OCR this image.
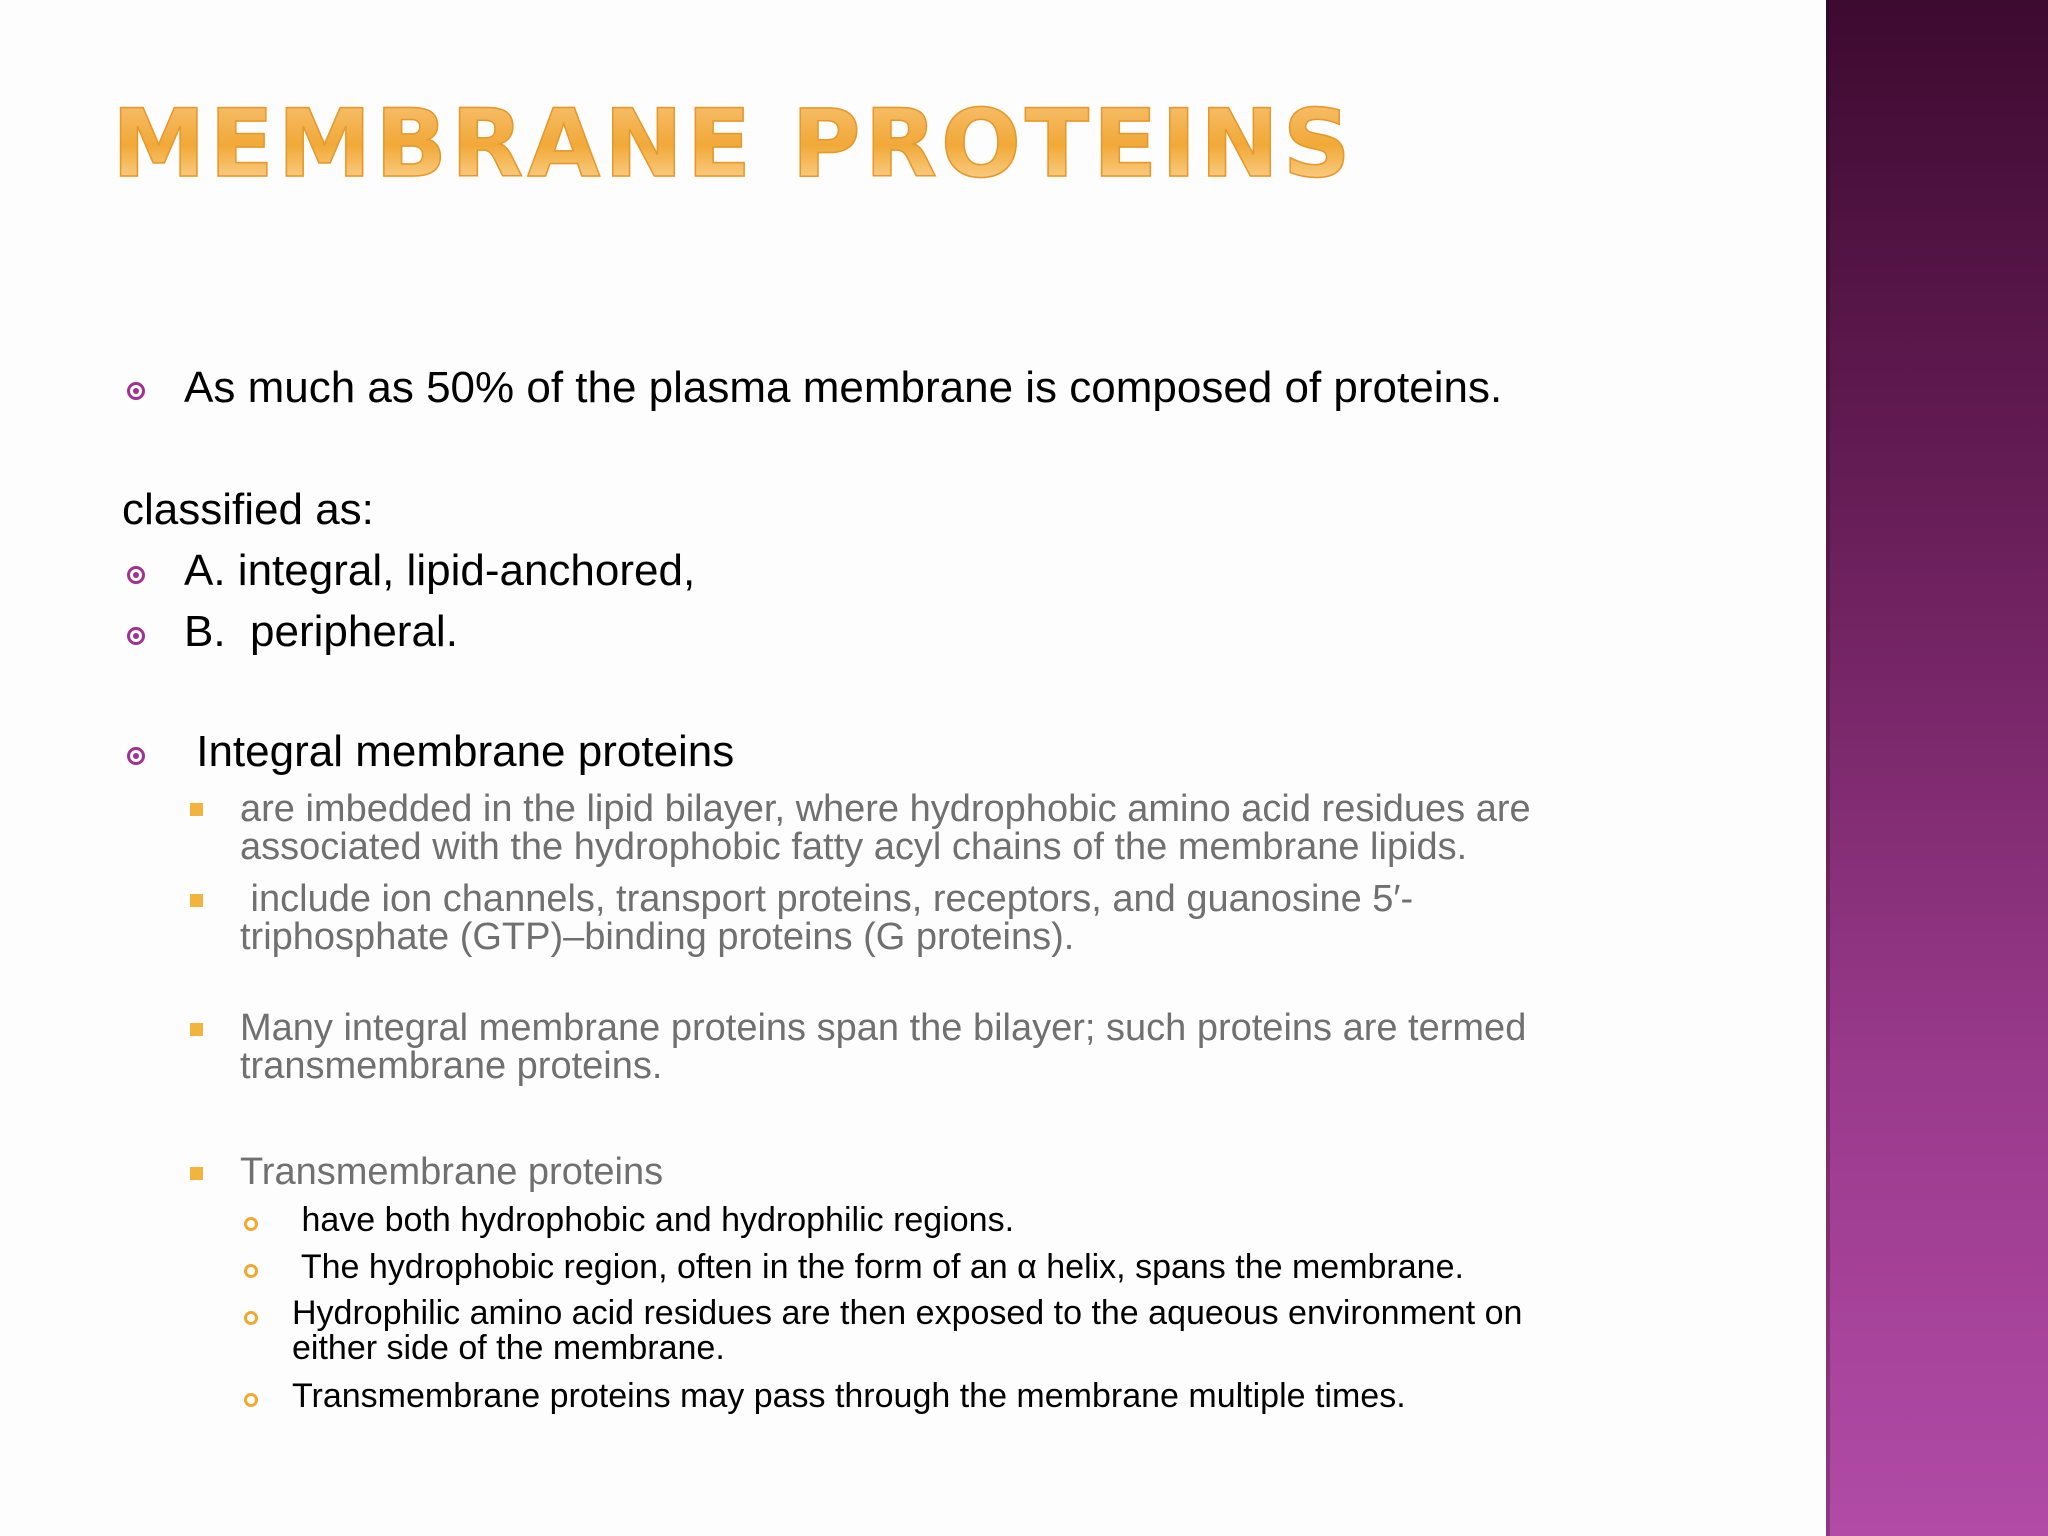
MEMBRANE PROTEINS
As much as 50% of the plasma membrane is composed of proteins.
classified as:
A. integral, lipid-anchored,
B.  peripheral.
Integral membrane proteins
are imbedded in the lipid bilayer, where hydrophobic amino acid residues are
associated with the hydrophobic fatty acyl chains of the membrane lipids.
include ion channels, transport proteins, receptors, and guanosine 5′-
triphosphate (GTP)–binding proteins (G proteins).
Many integral membrane proteins span the bilayer; such proteins are termed
transmembrane proteins.
Transmembrane proteins
have both hydrophobic and hydrophilic regions.
The hydrophobic region, often in the form of an α helix, spans the membrane.
Hydrophilic amino acid residues are then exposed to the aqueous environment on
either side of the membrane.
Transmembrane proteins may pass through the membrane multiple times.
